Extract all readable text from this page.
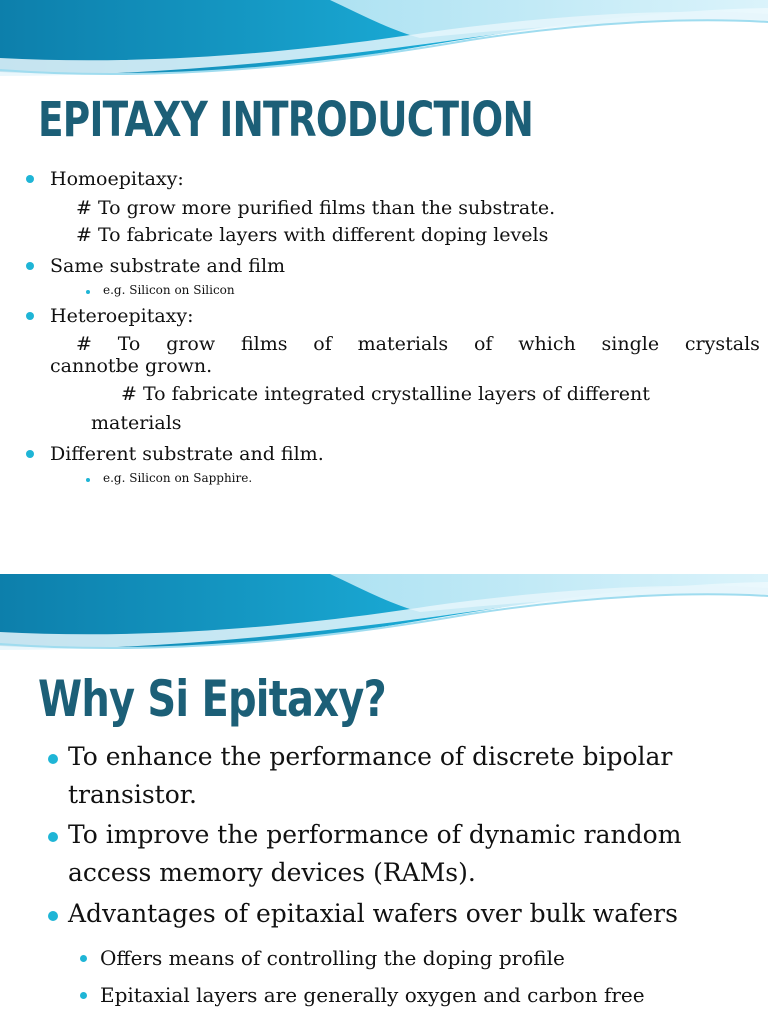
EPITAXY INTRODUCTION
Homoepitaxy:
# To grow more purified films than the substrate.
# To fabricate layers with different doping levels
Same substrate and film
e.g. Silicon on Silicon
Heteroepitaxy:
# To grow films of materials of which single crystals
cannotbe grown.
# To fabricate integrated crystalline layers of different
materials
Different substrate and film.
e.g. Silicon on Sapphire.
Why Si Epitaxy?
To enhance the performance of discrete bipolar
transistor.
To improve the performance of dynamic random
access memory devices (RAMs).
Advantages of epitaxial wafers over bulk wafers
Offers means of controlling the doping profile
Epitaxial layers are generally oxygen and carbon free
